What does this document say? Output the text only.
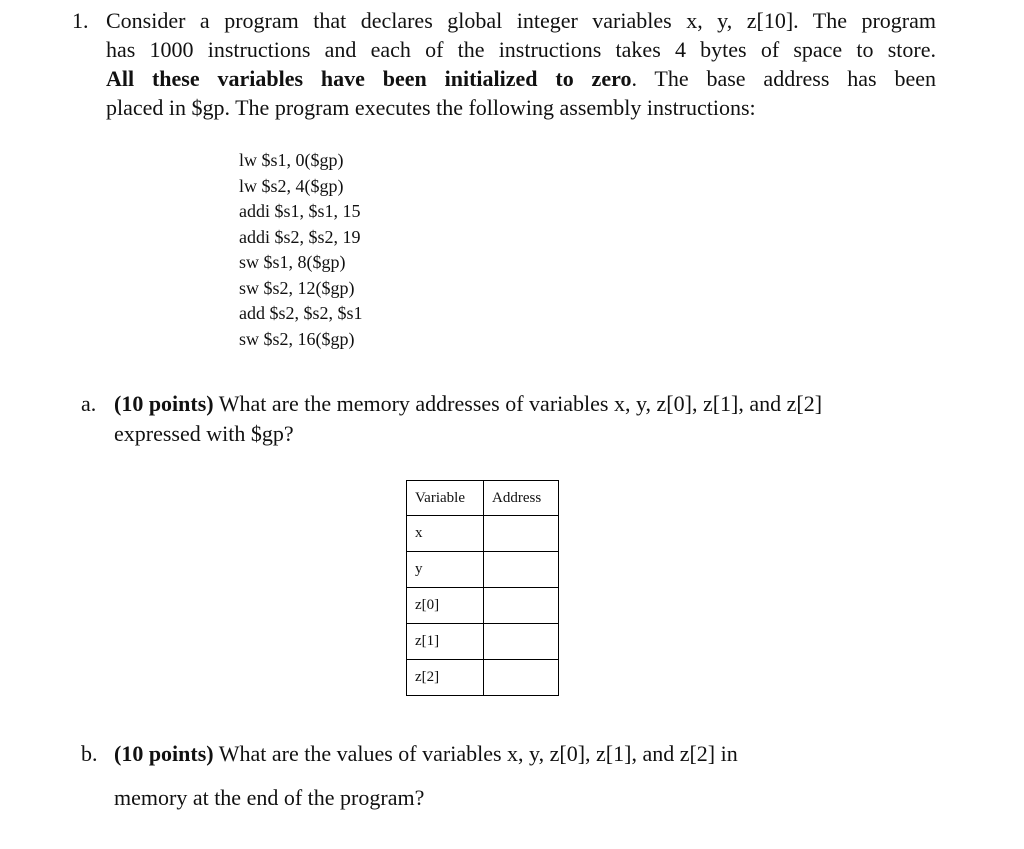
1. Consider a program that declares global integer variables x, y, z[10]. The program
has 1000 instructions and each of the instructions takes 4 bytes of space to store.
All these variables have been initialized to zero. The base address has been
placed in $gp. The program executes the following assembly instructions:
lw $s1, 0($gp)
lw $s2, 4($gp)
addi $s1, $s1, 15
addi $s2, $s2, 19
sw $s1, 8($gp)
sw $s2, 12($gp)
add $s2, $s2, $s1
sw $s2, 16($gp)
a. (10 points) What are the memory addresses of variables x, y, z[0], z[1], and z[2]
expressed with $gp?
Variable	Address
x	
y	
z[0]	
z[1]	
z[2]	
b. (10 points) What are the values of variables x, y, z[0], z[1], and z[2] in
memory at the end of the program?
